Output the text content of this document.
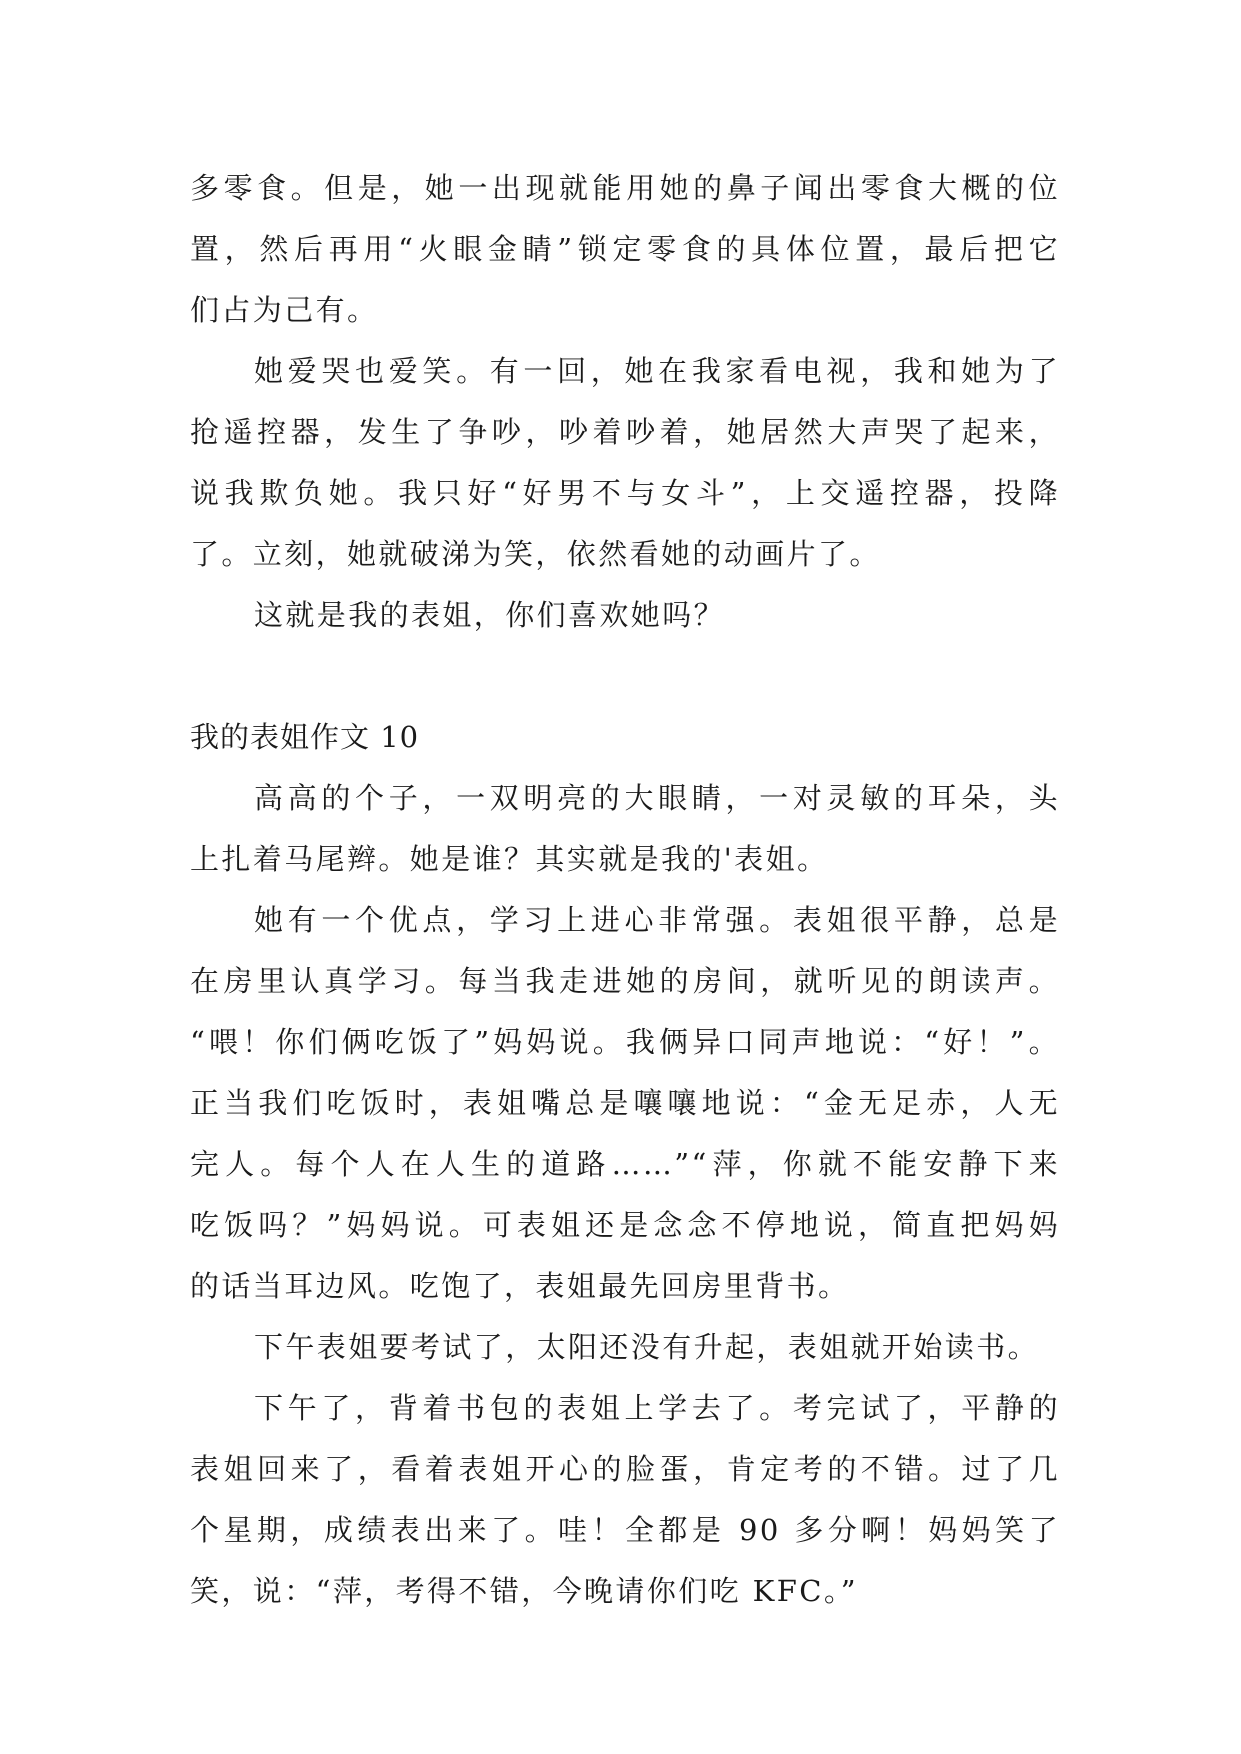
多零食。但是，她一出现就能用她的鼻子闻出零食大概的位
置，然后再用“火眼金睛”锁定零食的具体位置，最后把它
们占为己有。
她爱哭也爱笑。有一回，她在我家看电视，我和她为了
抢遥控器，发生了争吵，吵着吵着，她居然大声哭了起来，
说我欺负她。我只好“好男不与女斗”，上交遥控器，投降
了。立刻，她就破涕为笑，依然看她的动画片了。
这就是我的表姐，你们喜欢她吗？
我的表姐作文 10
高高的个子，一双明亮的大眼睛，一对灵敏的耳朵，头
上扎着马尾辫。她是谁？其实就是我的'表姐。
她有一个优点，学习上进心非常强。表姐很平静，总是
在房里认真学习。每当我走进她的房间，就听见的朗读声。
“喂！你们俩吃饭了”妈妈说。我俩异口同声地说：“好！”。
正当我们吃饭时，表姐嘴总是嚷嚷地说：“金无足赤，人无
完人。每个人在人生的道路……”“萍，你就不能安静下来
吃饭吗？”妈妈说。可表姐还是念念不停地说，简直把妈妈
的话当耳边风。吃饱了，表姐最先回房里背书。
下午表姐要考试了，太阳还没有升起，表姐就开始读书。
下午了，背着书包的表姐上学去了。考完试了，平静的
表姐回来了，看着表姐开心的脸蛋，肯定考的不错。过了几
个星期，成绩表出来了。哇！全都是 90 多分啊！妈妈笑了
笑，说：“萍，考得不错，今晚请你们吃 KFC。”
